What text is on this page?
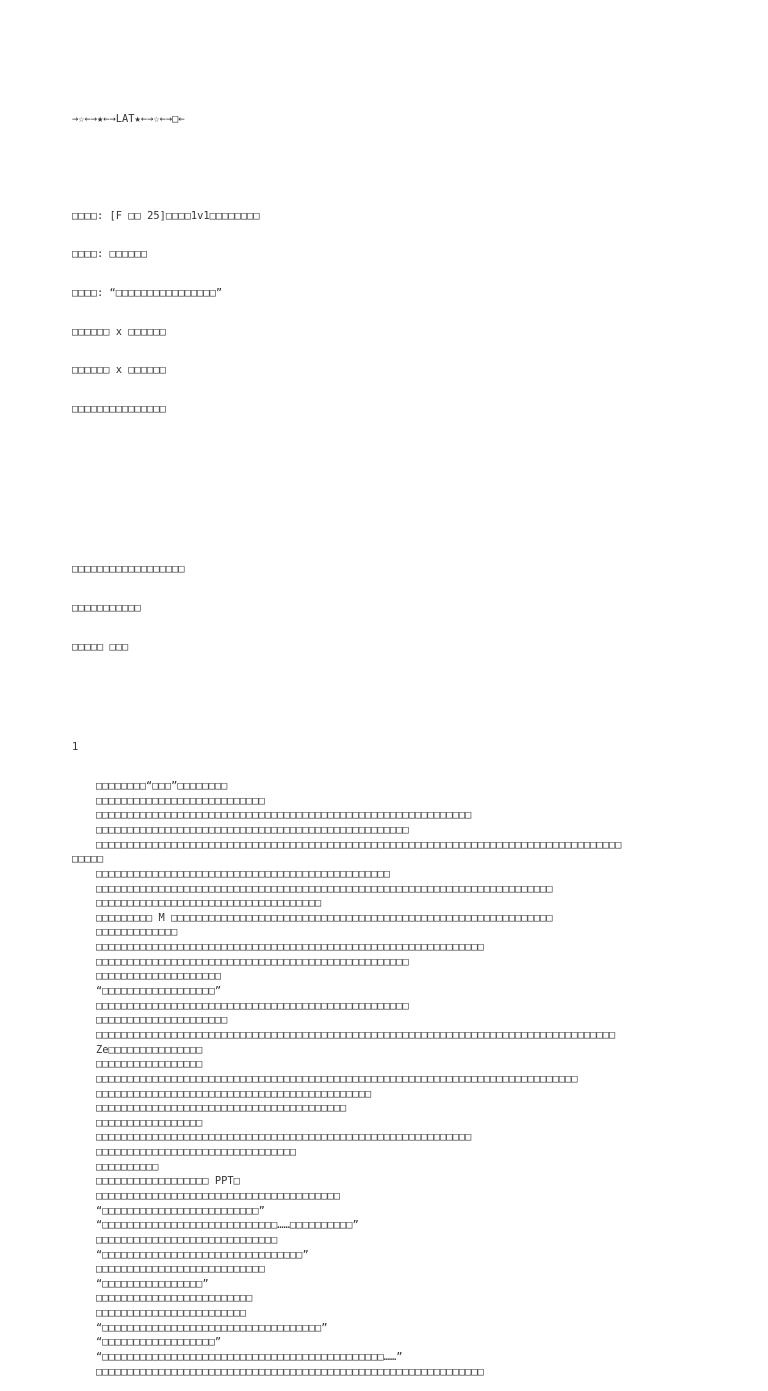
→☆←→★←→LAT★←→☆←→□←

□□□□: [F □□ 25]□□□□1v1□□□□□□□□

□□□□: □□□□□□

□□□□: “□□□□□□□□□□□□□□□□”

□□□□□□ x □□□□□□

□□□□□□ x □□□□□□

□□□□□□□□□□□□□□□

□□□□□□□□□□□□□□□□□□

□□□□□□□□□□□

□□□□□ □□□

1

□□□□□□□□“□□□”□□□□□□□□
□□□□□□□□□□□□□□□□□□□□□□□□□□□
□□□□□□□□□□□□□□□□□□□□□□□□□□□□□□□□□□□□□□□□□□□□□□□□□□□□□□□□□□□□
□□□□□□□□□□□□□□□□□□□□□□□□□□□□□□□□□□□□□□□□□□□□□□□□□□
□□□□□□□□□□□□□□□□□□□□□□□□□□□□□□□□□□□□□□□□□□□□□□□□□□□□□□□□□□□□□□□□□□□□□□□□□□□□□□□□□□□□
□□□□□
□□□□□□□□□□□□□□□□□□□□□□□□□□□□□□□□□□□□□□□□□□□□□□□
□□□□□□□□□□□□□□□□□□□□□□□□□□□□□□□□□□□□□□□□□□□□□□□□□□□□□□□□□□□□□□□□□□□□□□□□□
□□□□□□□□□□□□□□□□□□□□□□□□□□□□□□□□□□□□
□□□□□□□□□ M □□□□□□□□□□□□□□□□□□□□□□□□□□□□□□□□□□□□□□□□□□□□□□□□□□□□□□□□□□□□□
□□□□□□□□□□□□□
□□□□□□□□□□□□□□□□□□□□□□□□□□□□□□□□□□□□□□□□□□□□□□□□□□□□□□□□□□□□□□
□□□□□□□□□□□□□□□□□□□□□□□□□□□□□□□□□□□□□□□□□□□□□□□□□□
□□□□□□□□□□□□□□□□□□□□
“□□□□□□□□□□□□□□□□□□”
□□□□□□□□□□□□□□□□□□□□□□□□□□□□□□□□□□□□□□□□□□□□□□□□□□
□□□□□□□□□□□□□□□□□□□□□
□□□□□□□□□□□□□□□□□□□□□□□□□□□□□□□□□□□□□□□□□□□□□□□□□□□□□□□□□□□□□□□□□□□□□□□□□□□□□□□□□□□
Ze□□□□□□□□□□□□□□□
□□□□□□□□□□□□□□□□□
□□□□□□□□□□□□□□□□□□□□□□□□□□□□□□□□□□□□□□□□□□□□□□□□□□□□□□□□□□□□□□□□□□□□□□□□□□□□□
□□□□□□□□□□□□□□□□□□□□□□□□□□□□□□□□□□□□□□□□□□□□
□□□□□□□□□□□□□□□□□□□□□□□□□□□□□□□□□□□□□□□□
□□□□□□□□□□□□□□□□□
□□□□□□□□□□□□□□□□□□□□□□□□□□□□□□□□□□□□□□□□□□□□□□□□□□□□□□□□□□□□
□□□□□□□□□□□□□□□□□□□□□□□□□□□□□□□□
□□□□□□□□□□
□□□□□□□□□□□□□□□□□□ PPT□
□□□□□□□□□□□□□□□□□□□□□□□□□□□□□□□□□□□□□□□
“□□□□□□□□□□□□□□□□□□□□□□□□□”
“□□□□□□□□□□□□□□□□□□□□□□□□□□□□……□□□□□□□□□□”
□□□□□□□□□□□□□□□□□□□□□□□□□□□□□
“□□□□□□□□□□□□□□□□□□□□□□□□□□□□□□□□”
□□□□□□□□□□□□□□□□□□□□□□□□□□□
“□□□□□□□□□□□□□□□□”
□□□□□□□□□□□□□□□□□□□□□□□□□
□□□□□□□□□□□□□□□□□□□□□□□□
“□□□□□□□□□□□□□□□□□□□□□□□□□□□□□□□□□□□”
“□□□□□□□□□□□□□□□□□□”
“□□□□□□□□□□□□□□□□□□□□□□□□□□□□□□□□□□□□□□□□□□□□□……”
□□□□□□□□□□□□□□□□□□□□□□□□□□□□□□□□□□□□□□□□□□□□□□□□□□□□□□□□□□□□□□
